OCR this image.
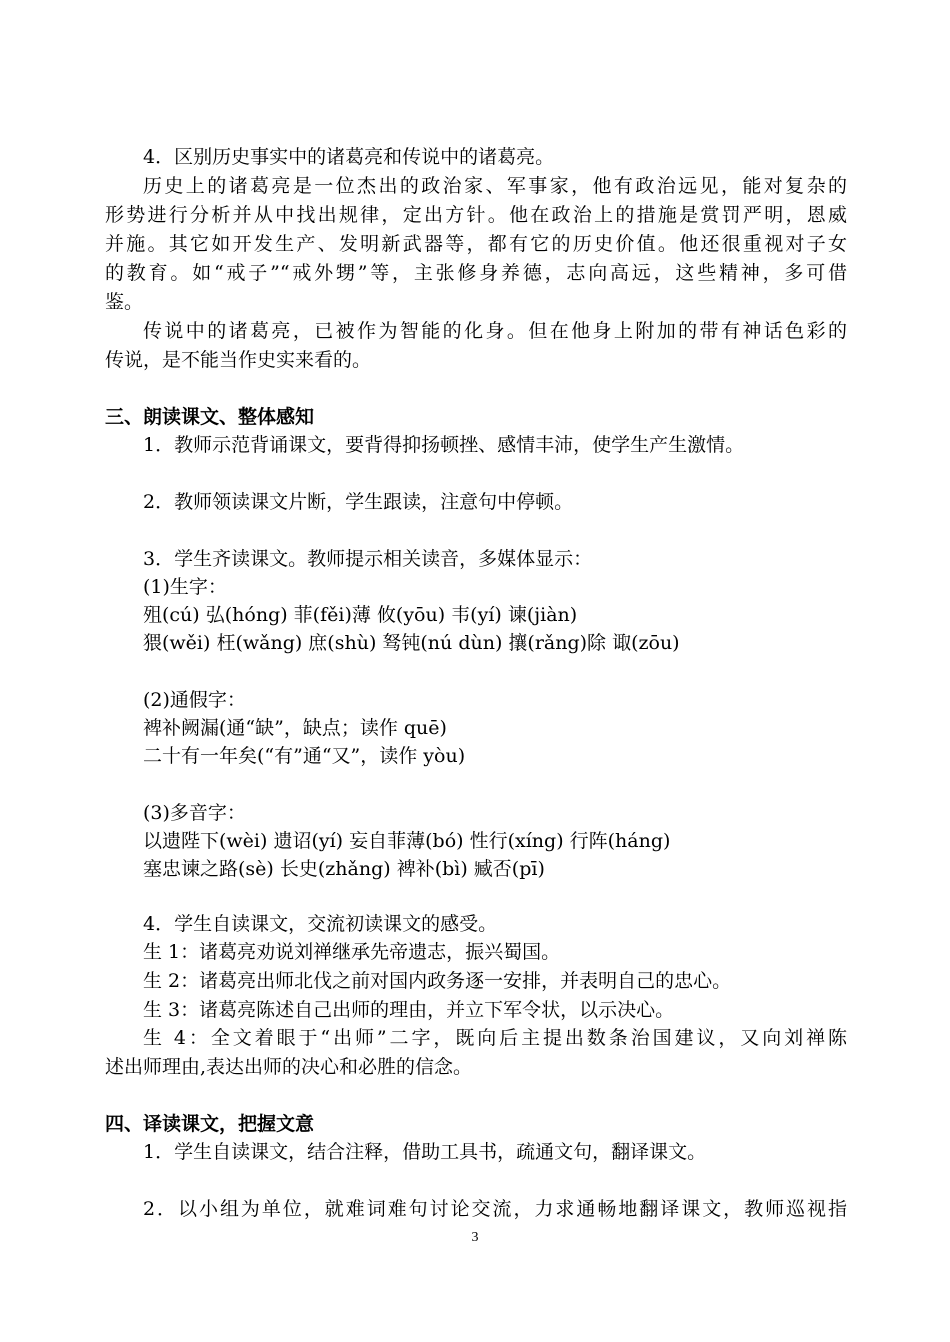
4．区别历史事实中的诸葛亮和传说中的诸葛亮。
历史上的诸葛亮是一位杰出的政治家、军事家，他有政治远见，能对复杂的
形势进行分析并从中找出规律，定出方针。他在政治上的措施是赏罚严明，恩威
并施。其它如开发生产、发明新武器等，都有它的历史价值。他还很重视对子女
的教育。如“戒子”“戒外甥”等，主张修身养德，志向高远，这些精神，多可借
鉴。
传说中的诸葛亮，已被作为智能的化身。但在他身上附加的带有神话色彩的
传说，是不能当作史实来看的。
三、朗读课文、整体感知
1．教师示范背诵课文，要背得抑扬顿挫、感情丰沛，使学生产生激情。
2．教师领读课文片断，学生跟读，注意句中停顿。
3．学生齐读课文。教师提示相关读音，多媒体显示：
(1)生字：
殂(cú) 弘(hóng) 菲(fěi)薄 攸(yōu) 韦(yí) 谏(jiàn)
猥(wěi) 枉(wǎng) 庶(shù) 驽钝(nú dùn) 攘(rǎng)除 诹(zōu)
(2)通假字：
裨补阙漏(通“缺”，缺点；读作 quē)
二十有一年矣(“有”通“又”，读作 yòu)
(3)多音字：
以遗陛下(wèi) 遗诏(yí) 妄自菲薄(bó) 性行(xíng) 行阵(háng)
塞忠谏之路(sè) 长史(zhǎng) 裨补(bì) 臧否(pī)
4．学生自读课文，交流初读课文的感受。
生 1：诸葛亮劝说刘禅继承先帝遗志，振兴蜀国。
生 2：诸葛亮出师北伐之前对国内政务逐一安排，并表明自己的忠心。
生 3：诸葛亮陈述自己出师的理由，并立下军令状，以示决心。
生 4：全文着眼于“出师”二字，既向后主提出数条治国建议，又向刘禅陈
述出师理由,表达出师的决心和必胜的信念。
四、译读课文，把握文意
1．学生自读课文，结合注释，借助工具书，疏通文句，翻译课文。
2．以小组为单位，就难词难句讨论交流，力求通畅地翻译课文，教师巡视指
3
